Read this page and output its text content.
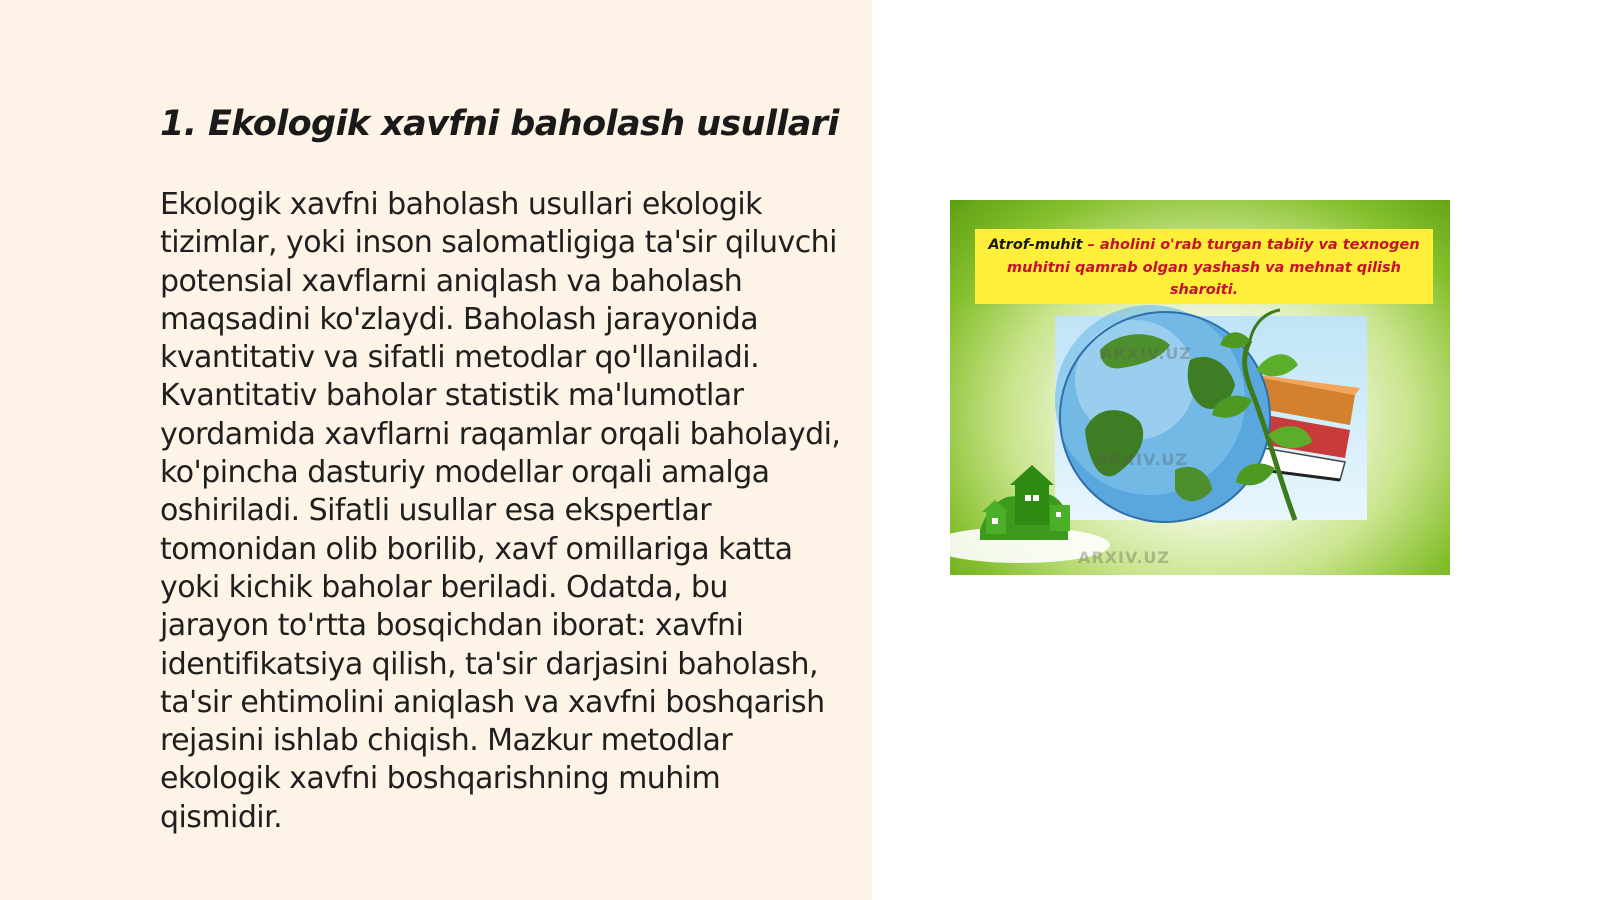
1. Ekologik xavfni baholash usullari

Ekologik xavfni baholash usullari ekologik tizimlar, yoki inson salomatligiga ta'sir qiluvchi potensial xavflarni aniqlash va baholash maqsadini ko'zlaydi. Baholash jarayonida kvantitativ va sifatli metodlar qo'llaniladi. Kvantitativ baholar statistik ma'lumotlar yordamida xavflarni raqamlar orqali baholaydi, ko'pincha dasturiy modellar orqali amalga oshiriladi. Sifatli usullar esa ekspertlar tomonidan olib borilib, xavf omillariga katta yoki kichik baholar beriladi. Odatda, bu jarayon to'rtta bosqichdan iborat: xavfni identifikatsiya qilish, ta'sir darjasini baholash, ta'sir ehtimolini aniqlash va xavfni boshqarish rejasini ishlab chiqish. Mazkur metodlar ekologik xavfni boshqarishning muhim qismidir.

Atrof-muhit – aholini o'rab turgan tabiiy va texnogen muhitni qamrab olgan yashash va mehnat qilish sharoiti.
ARXIV.UZ
ARXIV.UZ
ARXIV.UZ
